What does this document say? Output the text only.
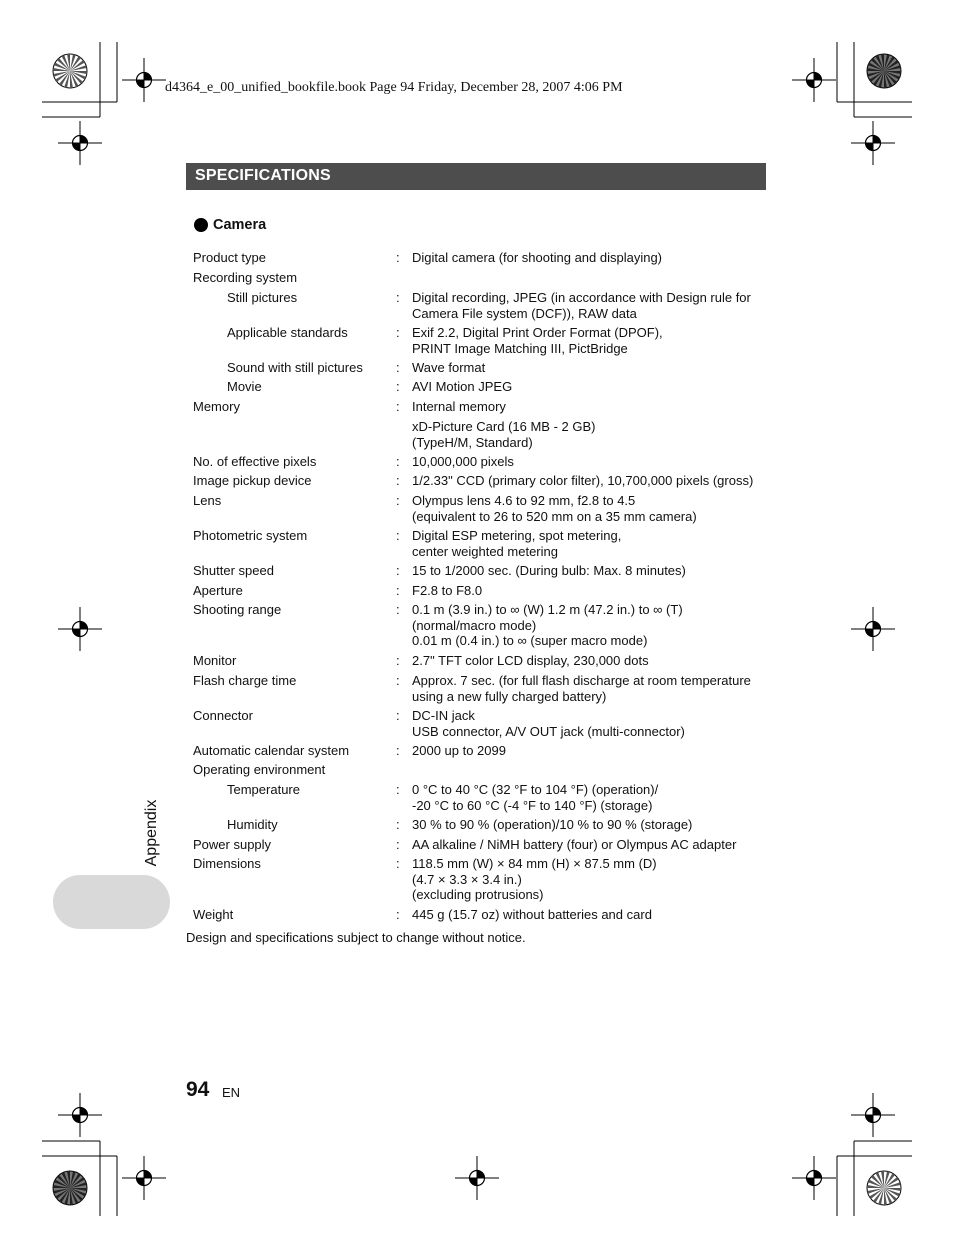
SPECIFICATIONS
Camera
Product type	: Digital camera (for shooting and displaying)
Recording system
Still pictures	: Digital recording, JPEG (in accordance with Design rule for
Camera File system (DCF)), RAW data
Applicable standards	: Exif 2.2, Digital Print Order Format (DPOF),
PRINT Image Matching III, PictBridge
Sound with still pictures	: Wave format
Movie	: AVI Motion JPEG
Memory	: Internal memory
xD-Picture Card (16 MB - 2 GB)
(TypeH/M, Standard)
No. of effective pixels	: 10,000,000 pixels
Image pickup device	: 1/2.33" CCD (primary color filter), 10,700,000 pixels (gross)
Lens	: Olympus lens 4.6 to 92 mm, f2.8 to 4.5
(equivalent to 26 to 520 mm on a 35 mm camera)
Photometric system	: Digital ESP metering, spot metering,
center weighted metering
Shutter speed	: 15 to 1/2000 sec. (During bulb: Max. 8 minutes)
Aperture	: F2.8 to F8.0
Shooting range	: 0.1 m (3.9 in.) to ∞ (W) 1.2 m (47.2 in.) to ∞ (T)
(normal/macro mode)
0.01 m (0.4 in.) to ∞ (super macro mode)
Monitor	: 2.7" TFT color LCD display, 230,000 dots
Flash charge time	: Approx. 7 sec. (for full flash discharge at room temperature
using a new fully charged battery)
Connector	: DC-IN jack
USB connector, A/V OUT jack (multi-connector)
Automatic calendar system	: 2000 up to 2099
Operating environment
Temperature	: 0 °C to 40 °C (32 °F to 104 °F) (operation)/
-20 °C to 60 °C (-4 °F to 140 °F) (storage)
Humidity	: 30 % to 90 % (operation)/10 % to 90 % (storage)
Power supply	: AA alkaline / NiMH battery (four) or Olympus AC adapter
Dimensions	: 118.5 mm (W) × 84 mm (H) × 87.5 mm (D)
(4.7 × 3.3 × 3.4 in.)
(excluding protrusions)
Weight	: 445 g (15.7 oz) without batteries and card
Design and specifications subject to change without notice.
Appendix
d4364_e_00_unified_bookfile.book Page 94 Friday, December 28, 2007 4:06 PM
94 EN
